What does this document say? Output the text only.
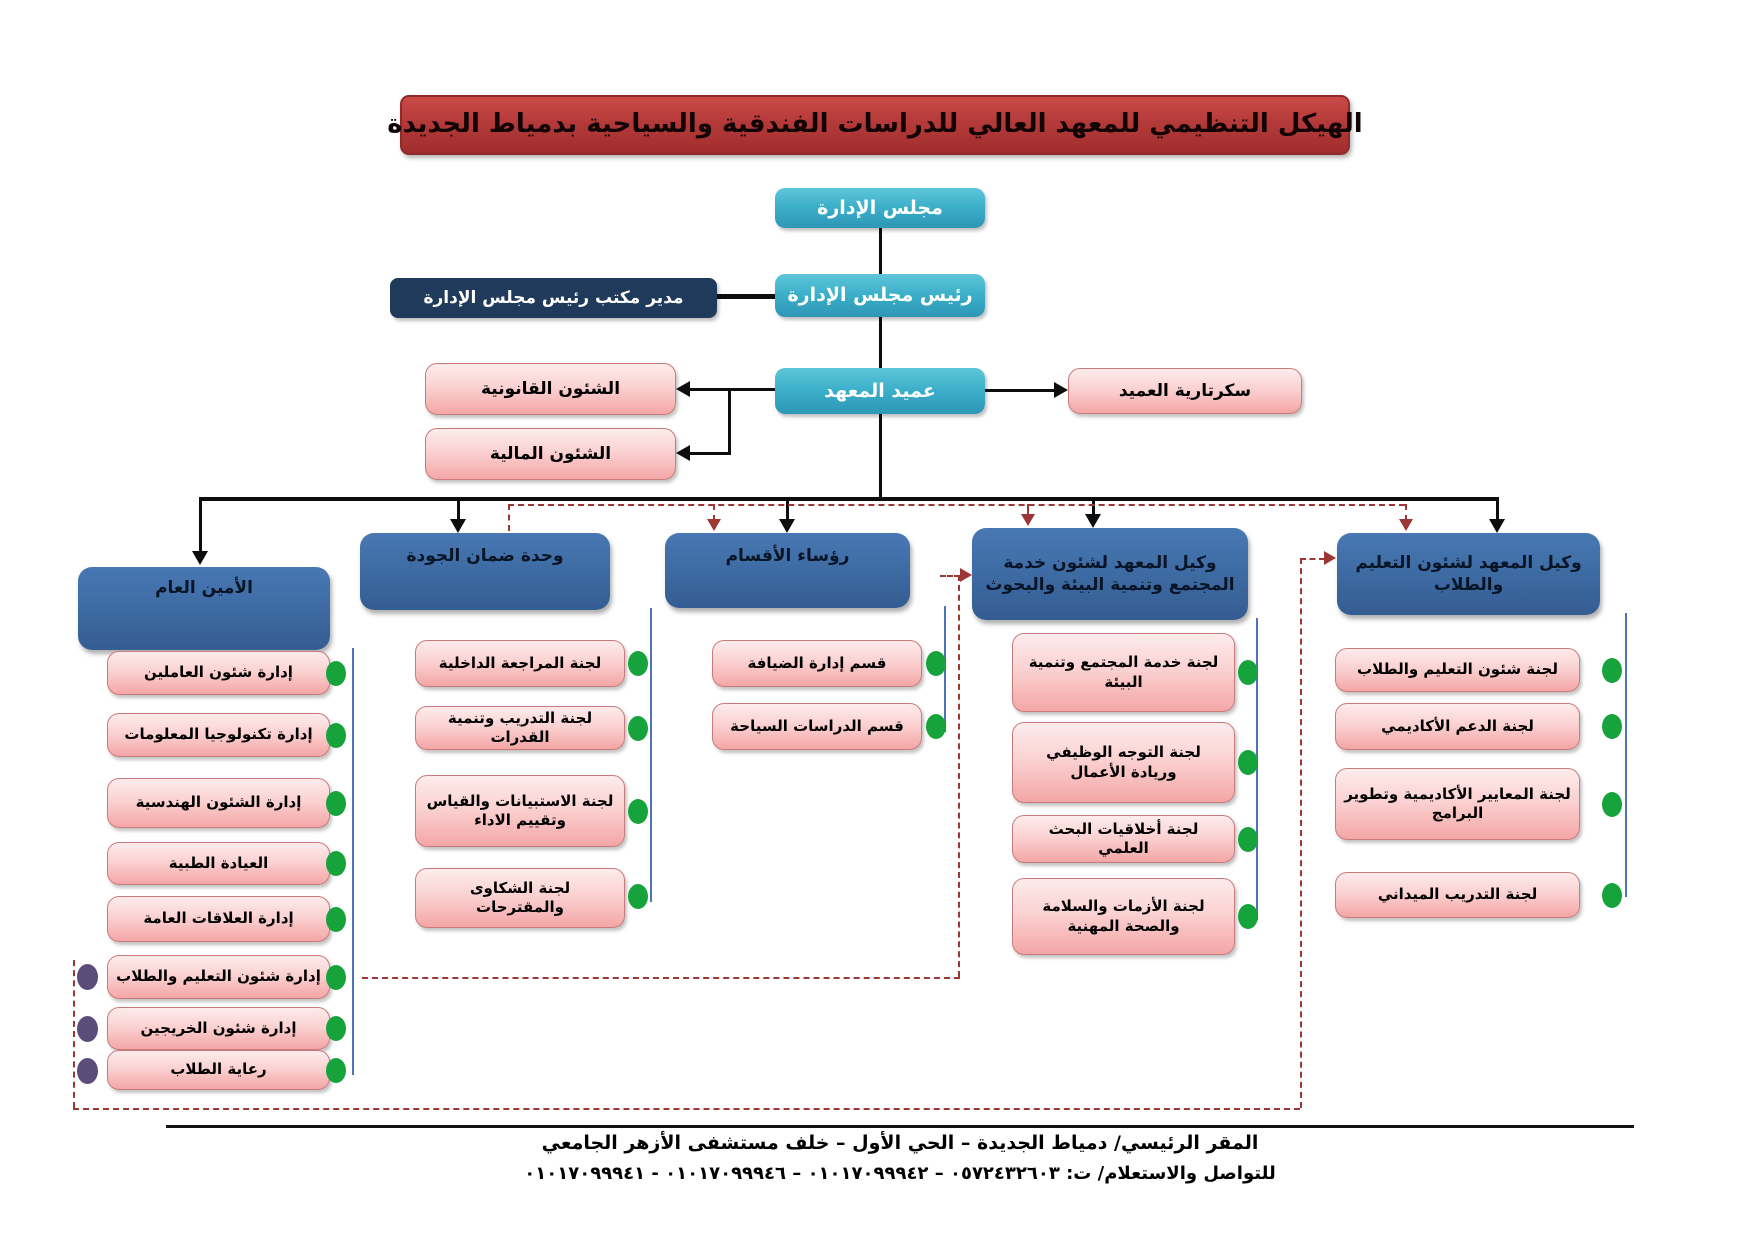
الهيكل التنظيمي للمعهد العالي للدراسات الفندقية والسياحية بدمياط الجديدة
مجلس الإدارة
رئيس مجلس الإدارة
مدير مكتب رئيس مجلس الإدارة
عميد المعهد	سكرتارية العميد
الشئون القانونية
الشئون المالية
الأمين العام
وحدة ضمان الجودة	رؤساء الأقسام	وكيل المعهد لشئون خدمة المجتمع وتنمية البيئة والبحوث
وكيل المعهد لشئون التعليم والطلاب
إدارة شئون العاملين
إدارة تكنولوجيا المعلومات
إدارة الشئون الهندسية
العيادة الطبية
إدارة العلاقات العامة
إدارة شئون التعليم والطلاب
إدارة شئون الخريجين
رعاية الطلاب
لجنة المراجعة الداخلية
لجنة التدريب وتنمية القدرات
لجنة الاستبيانات والقياس وتقييم الاداء
لجنة الشكاوى والمقترحات
قسم إدارة الضيافة
قسم الدراسات السياحة
لجنة خدمة المجتمع وتنمية البيئة
لجنة التوجه الوظيفي وريادة الأعمال
لجنة أخلاقيات البحث العلمي
لجنة الأزمات والسلامة والصحة المهنية
لجنة شئون التعليم والطلاب
لجنة الدعم الأكاديمي
لجنة المعايير الأكاديمية وتطوير البرامج
لجنة التدريب الميداني
المقر الرئيسي/ دمياط الجديدة – الحي الأول – خلف مستشفى الأزهر الجامعي
للتواصل والاستعلام/ ت: ٠٥٧٢٤٣٢٦٠٣ – ٠١٠١٧٠٩٩٩٤٢ – ٠١٠١٧٠٩٩٩٤٦ - ٠١٠١٧٠٩٩٩٤١
